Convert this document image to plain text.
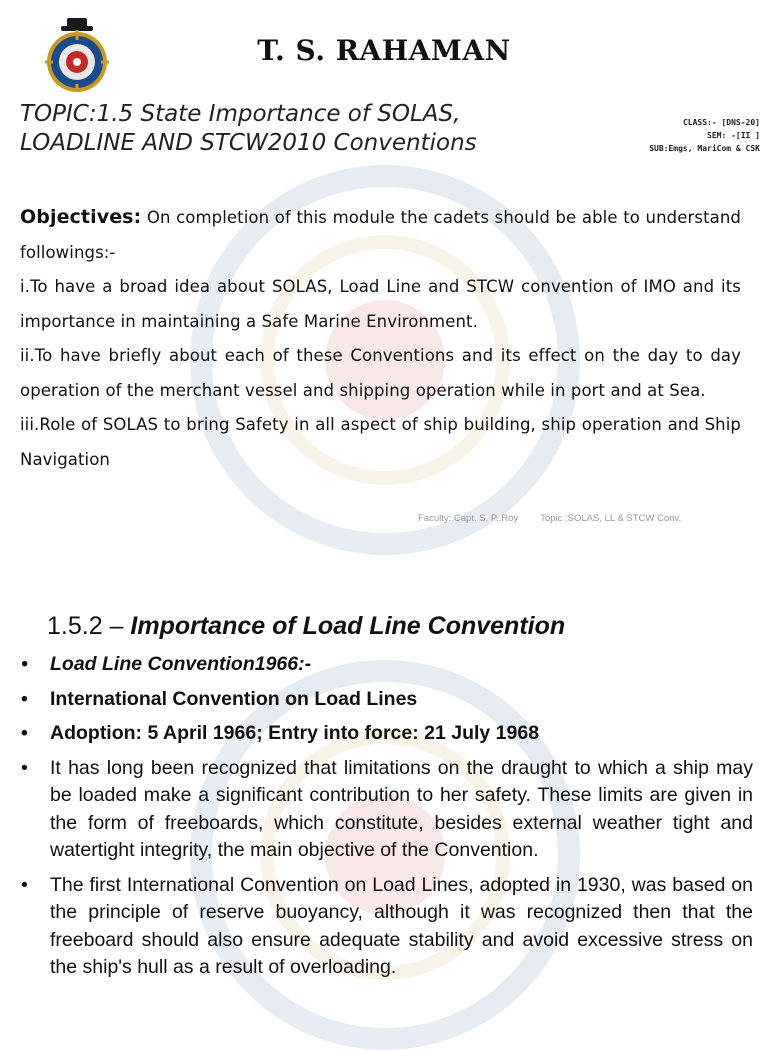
T. S. RAHAMAN
TOPIC:1.5 State Importance of SOLAS,
LOADLINE AND STCW2010 Conventions
CLASS:- [DNS-20]
SEM: -[II ]
SUB:Emgs, MariCom & CSK

Objectives: On completion of this module the cadets should be able to understand followings:-

i.To have a broad idea about SOLAS, Load Line and STCW convention of IMO and its importance in maintaining a Safe Marine Environment.

ii.To have briefly about each of these Conventions and its effect on the day to day operation of the merchant vessel and shipping operation while in port and at Sea.

iii.Role of SOLAS to bring Safety in all aspect of ship building, ship operation and Ship Navigation

Faculty: Capt. S. P..Roy Topic :SOLAS, LL & STCW Conv.
1.5.2 – Importance of Load Line Convention
• Load Line Convention1966:-
• International Convention on Load Lines
• Adoption: 5 April 1966; Entry into force: 21 July 1968
• It has long been recognized that limitations on the draught to which a ship may be loaded make a significant contribution to her safety. These limits are given in the form of freeboards, which constitute, besides external weather tight and watertight integrity, the main objective of the Convention.
• The first International Convention on Load Lines, adopted in 1930, was based on the principle of reserve buoyancy, although it was recognized then that the freeboard should also ensure adequate stability and avoid excessive stress on the ship's hull as a result of overloading.
